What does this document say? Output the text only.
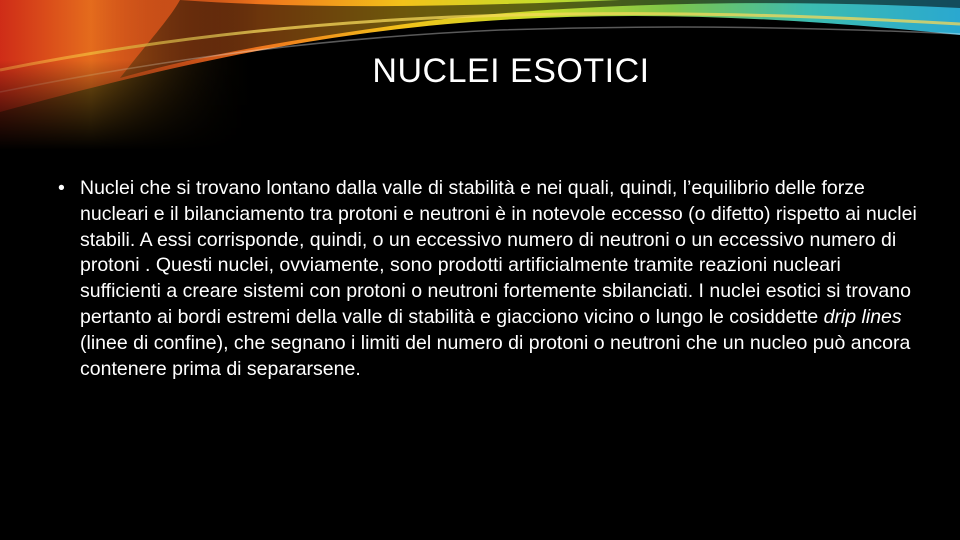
NUCLEI ESOTICI
• Nuclei che si trovano lontano dalla valle di stabilità e nei quali, quindi, l’equilibrio delle forze nucleari e il bilanciamento tra protoni e neutroni è in notevole eccesso (o difetto) rispetto ai nuclei stabili. A essi corrisponde, quindi, o un eccessivo numero di neutroni o un eccessivo numero di protoni . Questi nuclei, ovviamente, sono prodotti artificialmente tramite reazioni nucleari sufficienti a creare sistemi con protoni o neutroni fortemente sbilanciati. I nuclei esotici si trovano pertanto ai bordi estremi della valle di stabilità e giacciono vicino o lungo le cosiddette drip lines (linee di confine), che segnano i limiti del numero di protoni o neutroni che un nucleo può ancora contenere prima di separarsene.
